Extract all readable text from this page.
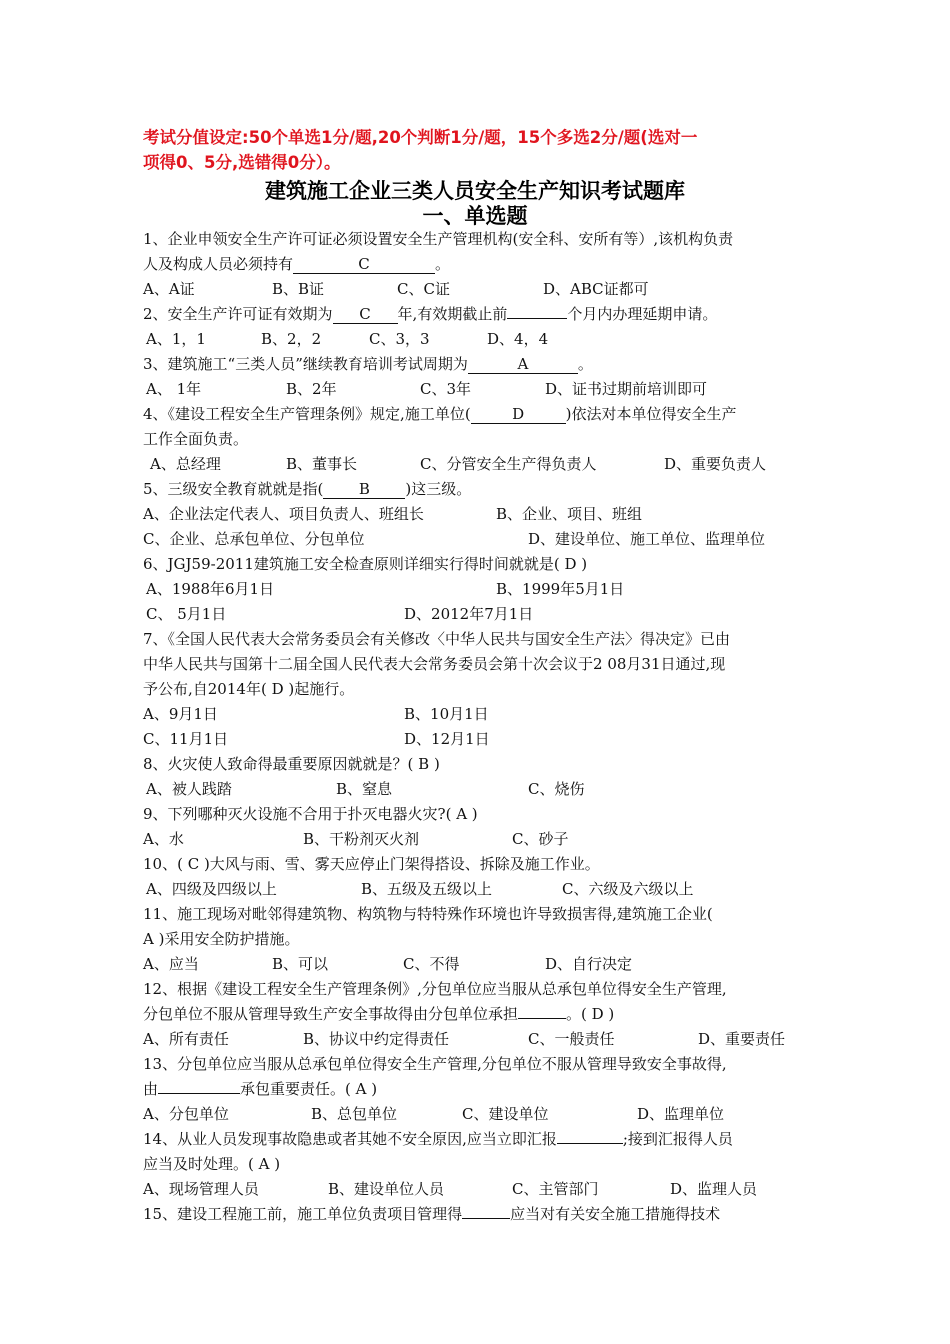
考试分值设定:50个单选1分/题,20个判断1分/题，15个多选2分/题(选对一
项得0、5分,选错得0分）。
建筑施工企业三类人员安全生产知识考试题库
一、单选题
1、企业申领安全生产许可证必须设置安全生产管理机构(安全科、安所有等）,该机构负责
人及构成人员必须持有	C	。
A、A证	B、B证	C、C证	D、ABC证都可
2、安全生产许可证有效期为 C 年,有效期截止前	个月内办理延期申请。
A、1，1	B、2，2	C、3，3	D、4，4
3、建筑施工“三类人员”继续教育培训考试周期为	A	。
A、 1年	B、2年	C、3年	D、证书过期前培训即可
4、《建设工程安全生产管理条例》规定,施工单位(	D	)依法对本单位得安全生产
工作全面负责。
A、总经理	B、董事长	C、分管安全生产得负责人	D、重要负责人
5、三级安全教育就就是指( B )这三级。
A、企业法定代表人、项目负责人、班组长	B、企业、项目、班组
C、企业、总承包单位、分包单位	D、建设单位、施工单位、监理单位
6、JGJ59-2011建筑施工安全检查原则详细实行得时间就就是( D )
A、1988年6月1日	B、1999年5月1日
C、 5月1日	D、2012年7月1日
7、《全国人民代表大会常务委员会有关修改〈中华人民共与国安全生产法〉得决定》已由
中华人民共与国第十二届全国人民代表大会常务委员会第十次会议于2 08月31日通过,现
予公布,自2014年( D )起施行。
A、9月1日	B、10月1日
C、11月1日	D、12月1日
8、火灾使人致命得最重要原因就就是？( B )
A、被人践踏	B、窒息	C、烧伤
9、下列哪种灭火设施不合用于扑灭电器火灾?( A )
A、水	B、干粉剂灭火剂	C、砂子
10、( C )大风与雨、雪、雾天应停止门架得搭设、拆除及施工作业。
A、四级及四级以上	B、五级及五级以上	C、六级及六级以上
11、施工现场对毗邻得建筑物、构筑物与特特殊作环境也许导致损害得,建筑施工企业(
A )采用安全防护措施。
A、应当	B、可以	C、不得	D、自行决定
12、根据《建设工程安全生产管理条例》,分包单位应当服从总承包单位得安全生产管理,
分包单位不服从管理导致生产安全事故得由分包单位承担	。( D )
A、所有责任	B、协议中约定得责任	C、一般责任	D、重要责任
13、分包单位应当服从总承包单位得安全生产管理,分包单位不服从管理导致安全事故得,
由	承包重要责任。( A )
A、分包单位	B、总包单位	C、建设单位	D、监理单位
14、从业人员发现事故隐患或者其她不安全原因,应当立即汇报	;接到汇报得人员
应当及时处理。( A )
A、现场管理人员	B、建设单位人员	C、主管部门	D、监理人员
15、建设工程施工前，施工单位负责项目管理得	应当对有关安全施工措施得技术
